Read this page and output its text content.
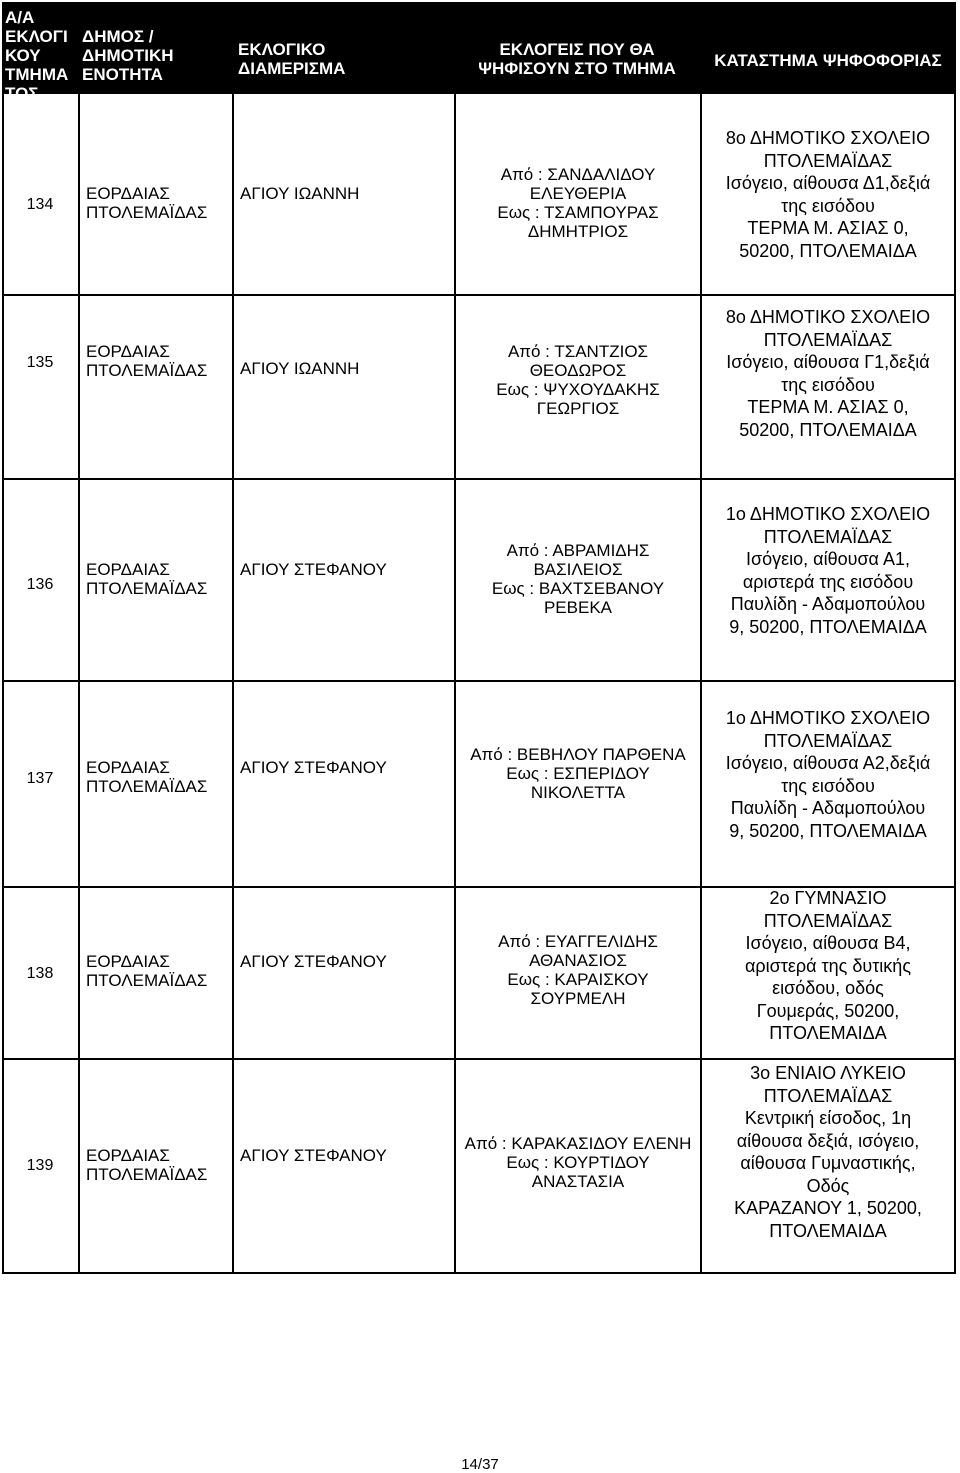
Α/Α
ΕΚΛΟΓΙ
ΚΟΥ
ΤΜΗΜΑ
ΤΟΣ
ΔΗΜΟΣ /
ΔΗΜΟΤΙΚΗ
ΕΝΟΤΗΤΑ
ΕΚΛΟΓΙΚΟ
ΔΙΑΜΕΡΙΣΜΑ
ΕΚΛΟΓΕΙΣ ΠΟΥ ΘΑ
ΨΗΦΙΣΟΥΝ ΣΤΟ ΤΜΗΜΑ	ΚΑΤΑΣΤΗΜΑ ΨΗΦΟΦΟΡΙΑΣ
134
ΕΟΡΔΑΙΑΣ
ΠΤΟΛΕΜΑΪΔΑΣ
ΑΓΙΟΥ ΙΩΑΝΝΗ
Από : ΣΑΝΔΑΛΙΔΟΥ
ΕΛΕΥΘΕΡΙΑ
Εως : ΤΣΑΜΠΟΥΡΑΣ
ΔΗΜΗΤΡΙΟΣ
8ο ΔΗΜΟΤΙΚΟ ΣΧΟΛΕΙΟ
ΠΤΟΛΕΜΑΪΔΑΣ
Ισόγειο, αίθουσα Δ1,δεξιά
της εισόδου
ΤΕΡΜΑ Μ. ΑΣΙΑΣ 0,
50200, ΠΤΟΛΕΜΑΙΔΑ
135
ΕΟΡΔΑΙΑΣ
ΠΤΟΛΕΜΑΪΔΑΣ	ΑΓΙΟΥ ΙΩΑΝΝΗ
Από : ΤΣΑΝΤΖΙΟΣ
ΘΕΟΔΩΡΟΣ
Εως : ΨΥΧΟΥΔΑΚΗΣ
ΓΕΩΡΓΙΟΣ
8ο ΔΗΜΟΤΙΚΟ ΣΧΟΛΕΙΟ
ΠΤΟΛΕΜΑΪΔΑΣ
Ισόγειο, αίθουσα Γ1,δεξιά
της εισόδου
ΤΕΡΜΑ Μ. ΑΣΙΑΣ 0,
50200, ΠΤΟΛΕΜΑΙΔΑ
136
ΕΟΡΔΑΙΑΣ
ΠΤΟΛΕΜΑΪΔΑΣ
ΑΓΙΟΥ ΣΤΕΦΑΝΟΥ
Από : ΑΒΡΑΜΙΔΗΣ
ΒΑΣΙΛΕΙΟΣ
Εως : ΒΑΧΤΣΕΒΑΝΟΥ
ΡΕΒΕΚΑ
1ο ΔΗΜΟΤΙΚΟ ΣΧΟΛΕΙΟ
ΠΤΟΛΕΜΑΪΔΑΣ
Ισόγειο, αίθουσα Α1,
αριστερά της εισόδου
Παυλίδη - Αδαμοπούλου
9, 50200, ΠΤΟΛΕΜΑΙΔΑ
137
ΕΟΡΔΑΙΑΣ
ΠΤΟΛΕΜΑΪΔΑΣ
ΑΓΙΟΥ ΣΤΕΦΑΝΟΥ
Από : ΒΕΒΗΛΟΥ ΠΑΡΘΕΝΑ
Εως : ΕΣΠΕΡΙΔΟΥ
ΝΙΚΟΛΕΤΤΑ
1ο ΔΗΜΟΤΙΚΟ ΣΧΟΛΕΙΟ
ΠΤΟΛΕΜΑΪΔΑΣ
Ισόγειο, αίθουσα Α2,δεξιά
της εισόδου
Παυλίδη - Αδαμοπούλου
9, 50200, ΠΤΟΛΕΜΑΙΔΑ
138
ΕΟΡΔΑΙΑΣ
ΠΤΟΛΕΜΑΪΔΑΣ
ΑΓΙΟΥ ΣΤΕΦΑΝΟΥ
Από : ΕΥΑΓΓΕΛΙΔΗΣ
ΑΘΑΝΑΣΙΟΣ
Εως : ΚΑΡΑΙΣΚΟΥ
ΣΟΥΡΜΕΛΗ
2ο ΓΥΜΝΑΣΙΟ
ΠΤΟΛΕΜΑΪΔΑΣ
Ισόγειο, αίθουσα Β4,
αριστερά της δυτικής
εισόδου, οδός
Γουμεράς, 50200,
ΠΤΟΛΕΜΑΙΔΑ
139
ΕΟΡΔΑΙΑΣ
ΠΤΟΛΕΜΑΪΔΑΣ
ΑΓΙΟΥ ΣΤΕΦΑΝΟΥ
Από : ΚΑΡΑΚΑΣΙΔΟΥ ΕΛΕΝΗ
Εως : ΚΟΥΡΤΙΔΟΥ
ΑΝΑΣΤΑΣΙΑ
3ο ΕΝΙΑΙΟ ΛΥΚΕΙΟ
ΠΤΟΛΕΜΑΪΔΑΣ
Κεντρική είσοδος, 1η
αίθουσα δεξιά, ισόγειο,
αίθουσα Γυμναστικής,
Οδός
ΚΑΡΑΖΑΝΟΥ 1, 50200,
ΠΤΟΛΕΜΑΙΔΑ
14/37
